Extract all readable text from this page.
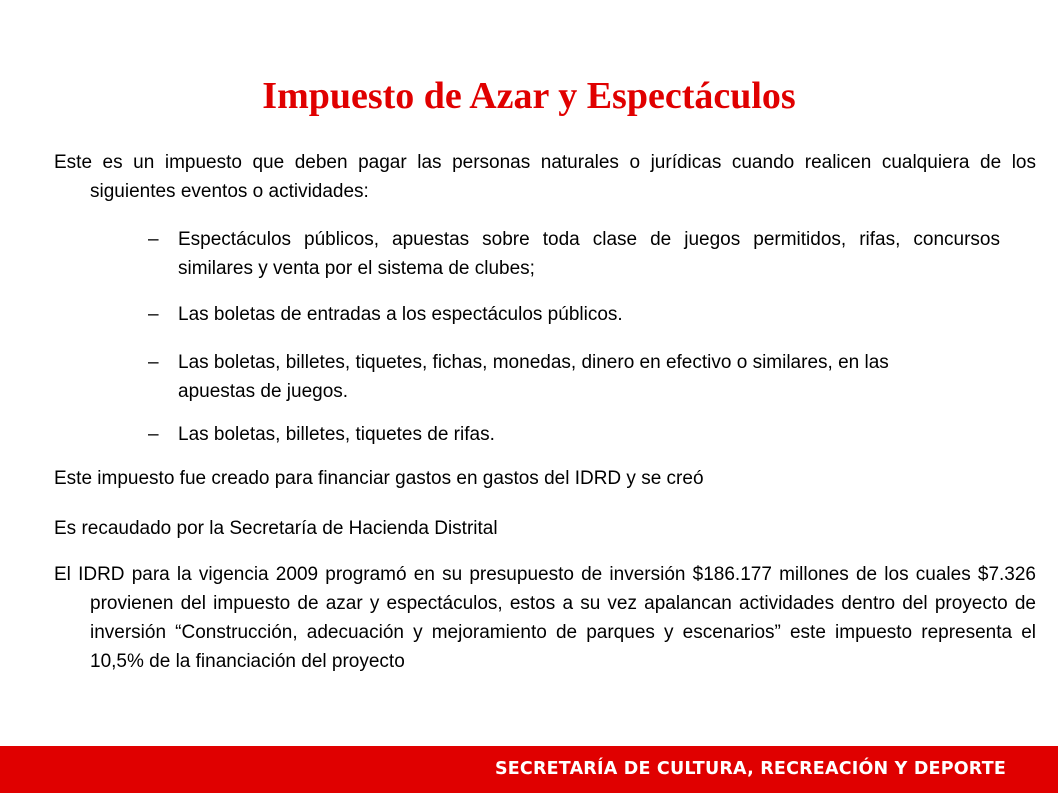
Impuesto de Azar y Espectáculos

Este es un impuesto que deben pagar las personas naturales o jurídicas cuando realicen cualquiera de los siguientes eventos o actividades:

–	Espectáculos públicos, apuestas sobre toda clase de juegos permitidos, rifas, concursos similares y venta por el sistema de clubes;

–	Las boletas de entradas a los espectáculos públicos.

–	Las boletas, billetes, tiquetes, fichas, monedas, dinero en efectivo o similares, en las apuestas de juegos.

–	Las boletas, billetes, tiquetes de rifas.

Este impuesto fue creado para financiar gastos en gastos del IDRD y se creó

Es recaudado por la Secretaría de Hacienda Distrital

El IDRD para la vigencia 2009 programó en su presupuesto de inversión $186.177 millones de los cuales $7.326 provienen del impuesto de azar y espectáculos, estos a su vez apalancan actividades dentro del proyecto de inversión “Construcción, adecuación y mejoramiento de parques y escenarios” este impuesto representa el 10,5% de la financiación del proyecto

SECRETARÍA DE CULTURA, RECREACIÓN Y DEPORTE
